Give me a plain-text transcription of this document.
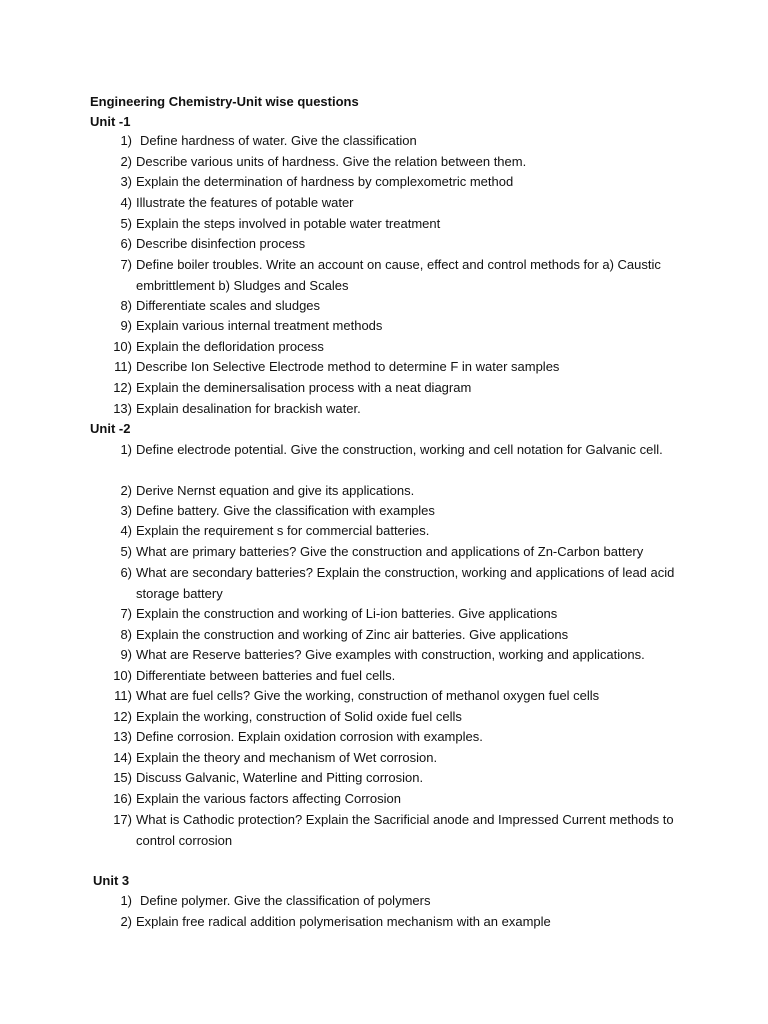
Engineering Chemistry-Unit wise questions
Unit -1
1) Define hardness of water. Give the classification
2) Describe various units of hardness. Give the relation between them.
3) Explain the determination of hardness by complexometric method
4) Illustrate the features of potable water
5) Explain the steps involved in potable water treatment
6) Describe disinfection process
7) Define boiler troubles. Write an account on cause, effect and control methods for a) Caustic embrittlement b) Sludges and Scales
8) Differentiate scales and sludges
9) Explain various internal treatment methods
10) Explain the defloridation process
11) Describe Ion Selective Electrode method to determine F in water samples
12) Explain the deminersalisation process with a neat diagram
13) Explain desalination for brackish water.
Unit -2
1) Define electrode potential. Give the construction, working and cell notation for Galvanic cell.
2) Derive Nernst equation and give its applications.
3) Define battery. Give the classification with examples
4) Explain the requirement s for commercial batteries.
5) What are primary batteries? Give the construction and applications of Zn-Carbon battery
6) What are secondary batteries? Explain the construction, working and applications of lead acid storage battery
7) Explain the construction and working of Li-ion batteries. Give applications
8) Explain the construction and working of Zinc air batteries. Give applications
9) What are Reserve batteries? Give examples with construction, working and applications.
10) Differentiate between batteries and fuel cells.
11) What are fuel cells? Give the working, construction of methanol oxygen fuel cells
12) Explain the working, construction of Solid oxide fuel cells
13) Define corrosion. Explain oxidation corrosion with examples.
14) Explain the theory and mechanism of Wet corrosion.
15) Discuss Galvanic, Waterline and Pitting corrosion.
16) Explain the various factors affecting Corrosion
17) What is Cathodic protection? Explain the Sacrificial anode and Impressed Current methods to control corrosion
Unit 3
1) Define polymer. Give the classification of polymers
2) Explain free radical addition polymerisation mechanism with an example
